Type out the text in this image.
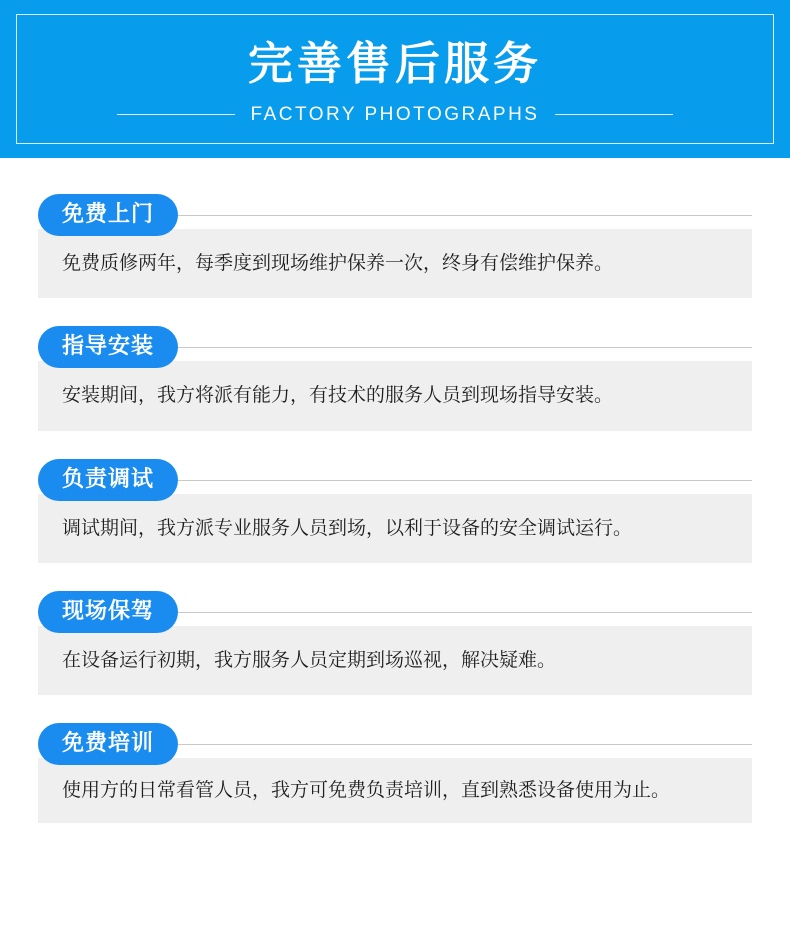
完善售后服务
FACTORY PHOTOGRAPHS
免费上门
免费质修两年，每季度到现场维护保养一次，终身有偿维护保养。
指导安装
安装期间，我方将派有能力，有技术的服务人员到现场指导安装。
负责调试
调试期间，我方派专业服务人员到场，以利于设备的安全调试运行。
现场保驾
在设备运行初期，我方服务人员定期到场巡视，解决疑难。
免费培训
使用方的日常看管人员，我方可免费负责培训，直到熟悉设备使用为止。
